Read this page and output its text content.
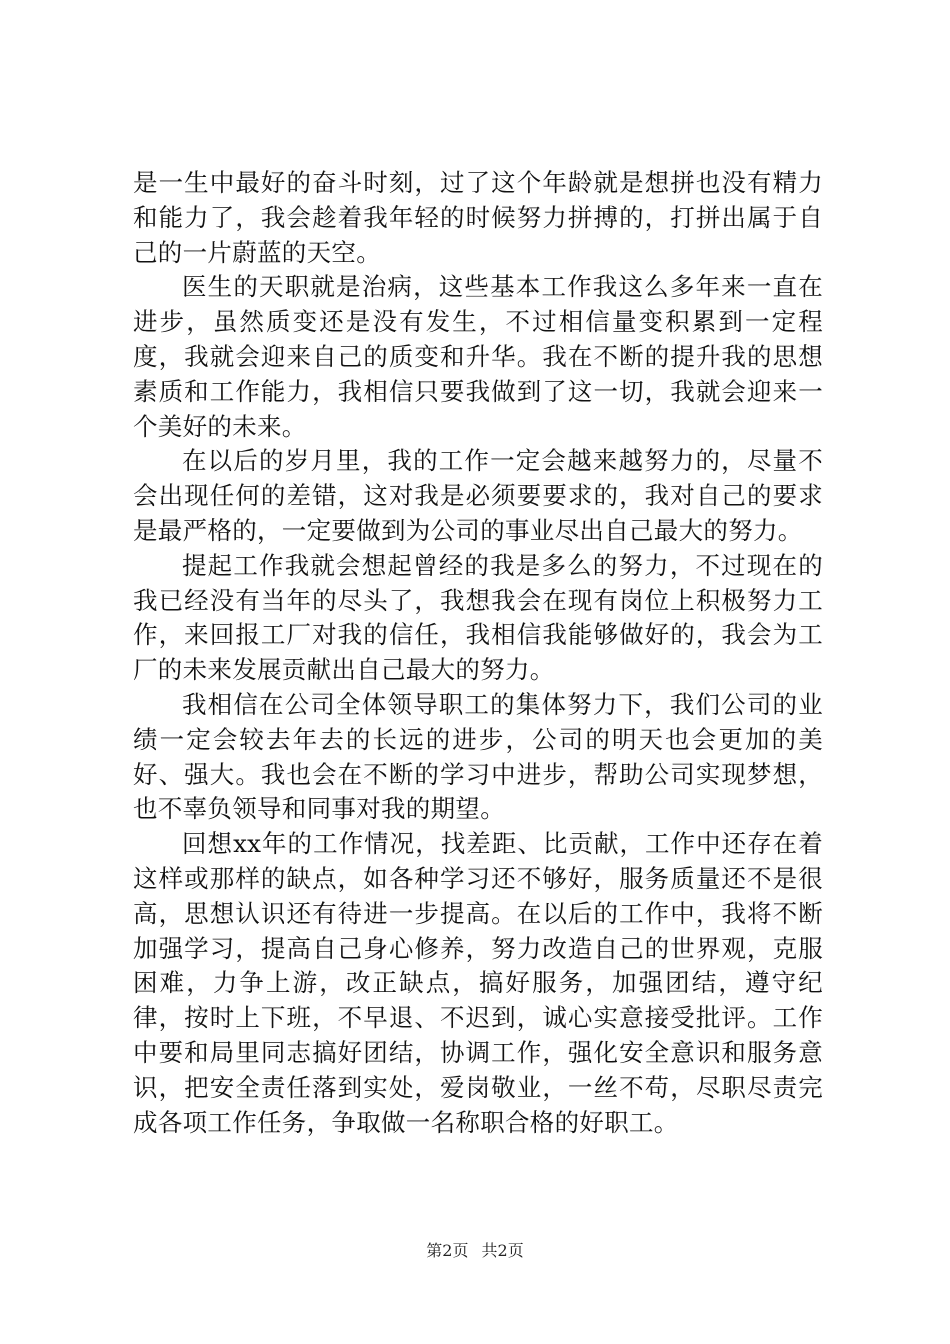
是一生中最好的奋斗时刻，过了这个年龄就是想拼也没有精力和能力了，我会趁着我年轻的时候努力拼搏的，打拼出属于自己的一片蔚蓝的天空。

医生的天职就是治病，这些基本工作我这么多年来一直在进步，虽然质变还是没有发生，不过相信量变积累到一定程度，我就会迎来自己的质变和升华。我在不断的提升我的思想素质和工作能力，我相信只要我做到了这一切，我就会迎来一个美好的未来。

在以后的岁月里，我的工作一定会越来越努力的，尽量不会出现任何的差错，这对我是必须要要求的，我对自己的要求是最严格的，一定要做到为公司的事业尽出自己最大的努力。

提起工作我就会想起曾经的我是多么的努力，不过现在的我已经没有当年的尽头了，我想我会在现有岗位上积极努力工作，来回报工厂对我的信任，我相信我能够做好的，我会为工厂的未来发展贡献出自己最大的努力。

我相信在公司全体领导职工的集体努力下，我们公司的业绩一定会较去年去的长远的进步，公司的明天也会更加的美好、强大。我也会在不断的学习中进步，帮助公司实现梦想，也不辜负领导和同事对我的期望。

回想xx年的工作情况，找差距、比贡献，工作中还存在着这样或那样的缺点，如各种学习还不够好，服务质量还不是很高，思想认识还有待进一步提高。在以后的工作中，我将不断加强学习，提高自己身心修养，努力改造自己的世界观，克服困难，力争上游，改正缺点，搞好服务，加强团结，遵守纪律，按时上下班，不早退、不迟到，诚心实意接受批评。工作中要和局里同志搞好团结，协调工作，强化安全意识和服务意识，把安全责任落到实处，爱岗敬业，一丝不苟，尽职尽责完成各项工作任务，争取做一名称职合格的好职工。

第2页 共2页
